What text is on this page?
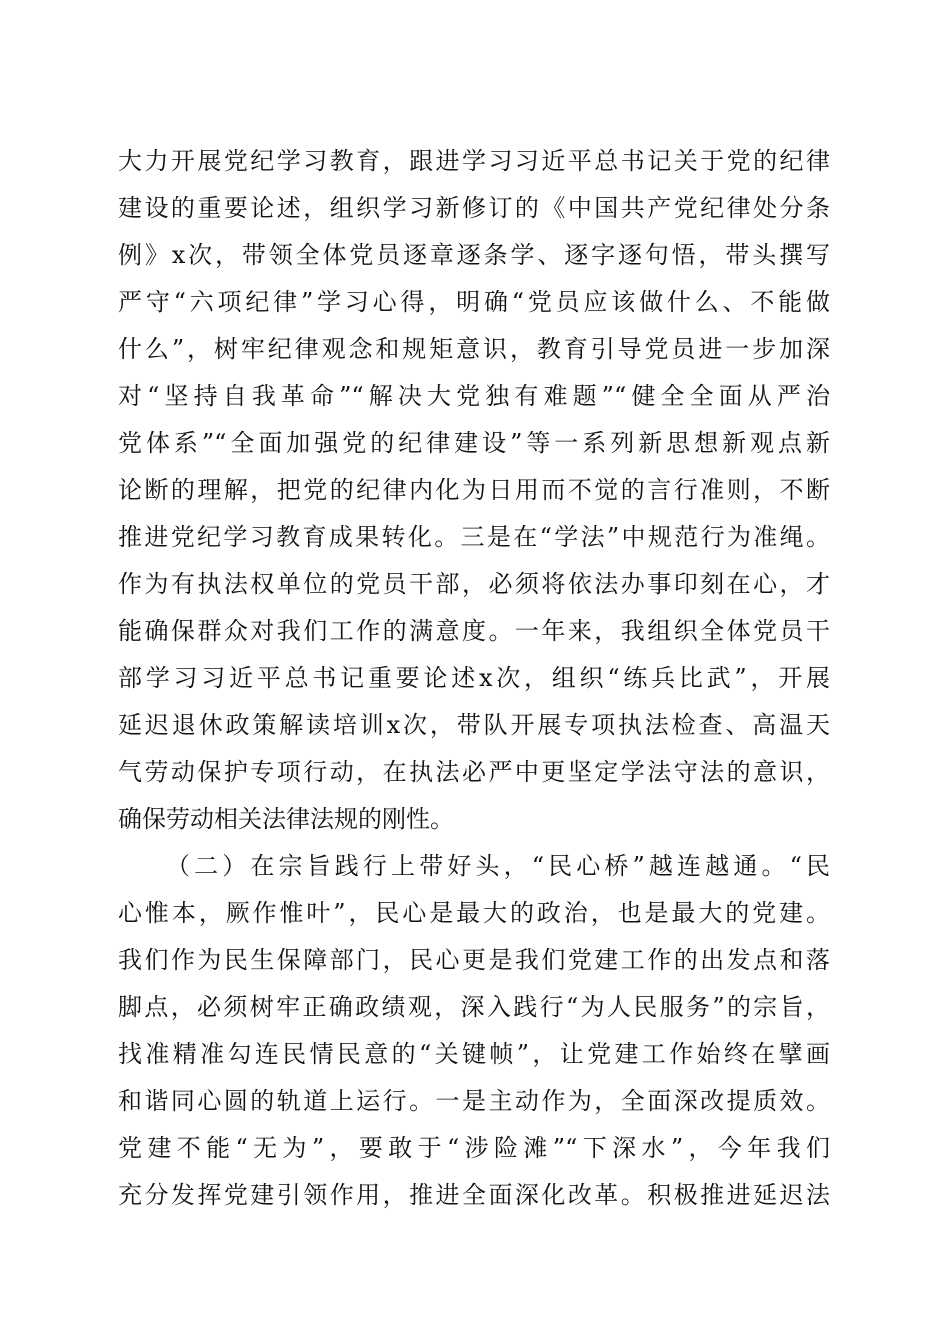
大力开展党纪学习教育，跟进学习习近平总书记关于党的纪律
建设的重要论述，组织学习新修订的《中国共产党纪律处分条
例》x次，带领全体党员逐章逐条学、逐字逐句悟，带头撰写
严守“六项纪律”学习心得，明确“党员应该做什么、不能做
什么”，树牢纪律观念和规矩意识，教育引导党员进一步加深
对“坚持自我革命”“解决大党独有难题”“健全全面从严治
党体系”“全面加强党的纪律建设”等一系列新思想新观点新
论断的理解，把党的纪律内化为日用而不觉的言行准则，不断
推进党纪学习教育成果转化。三是在“学法”中规范行为准绳。
作为有执法权单位的党员干部，必须将依法办事印刻在心，才
能确保群众对我们工作的满意度。一年来，我组织全体党员干
部学习习近平总书记重要论述x次，组织“练兵比武”，开展
延迟退休政策解读培训x次，带队开展专项执法检查、高温天
气劳动保护专项行动，在执法必严中更坚定学法守法的意识，
确保劳动相关法律法规的刚性。
（二）在宗旨践行上带好头，“民心桥”越连越通。“民
心惟本，厥作惟叶”，民心是最大的政治，也是最大的党建。
我们作为民生保障部门，民心更是我们党建工作的出发点和落
脚点，必须树牢正确政绩观，深入践行“为人民服务”的宗旨，
找准精准勾连民情民意的“关键帧”，让党建工作始终在擘画
和谐同心圆的轨道上运行。一是主动作为，全面深改提质效。
党建不能“无为”，要敢于“涉险滩”“下深水”，今年我们
充分发挥党建引领作用，推进全面深化改革。积极推进延迟法
